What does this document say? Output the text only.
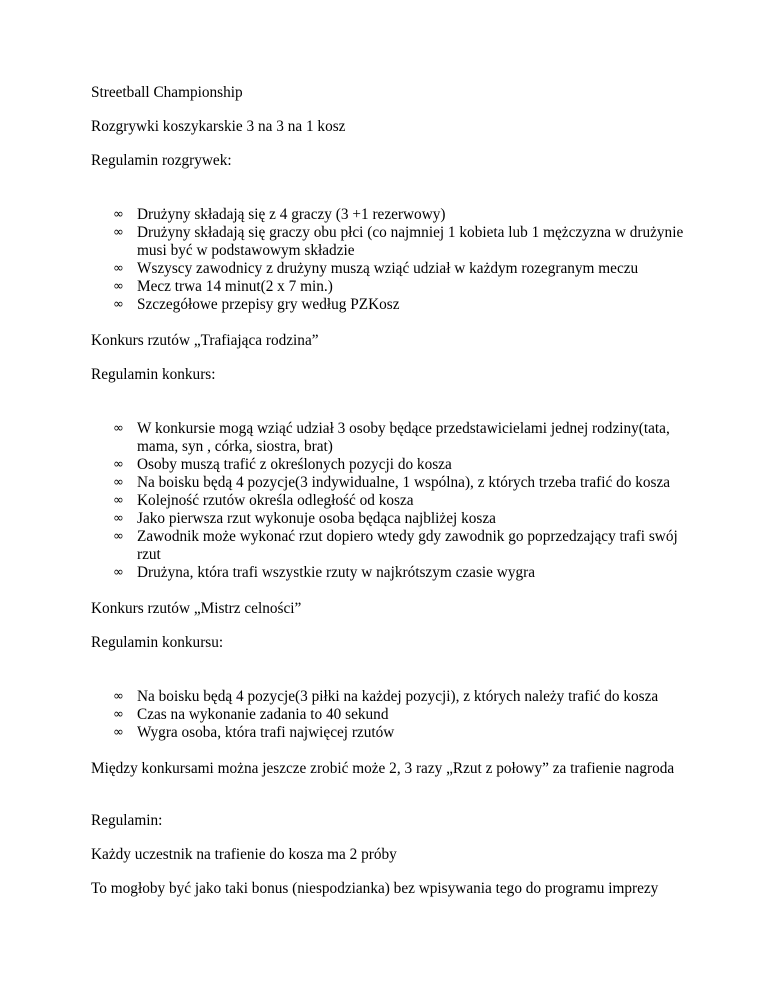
Streetball Championship

Rozgrywki koszykarskie 3 na 3 na 1 kosz

Regulamin rozgrywek:

∞ Drużyny składają się z 4 graczy (3 +1 rezerwowy)
∞ Drużyny składają się graczy obu płci (co najmniej 1 kobieta lub 1 mężczyzna w drużynie musi być w podstawowym składzie
∞ Wszyscy zawodnicy z drużyny muszą wziąć udział w każdym rozegranym meczu
∞ Mecz trwa 14 minut(2 x 7 min.)
∞ Szczegółowe przepisy gry według PZKosz

Konkurs rzutów „Trafiająca rodzina”

Regulamin konkurs:

∞ W konkursie mogą wziąć udział 3 osoby będące przedstawicielami jednej rodziny(tata, mama, syn , córka, siostra, brat)
∞ Osoby muszą trafić z określonych pozycji do kosza
∞ Na boisku będą 4 pozycje(3 indywidualne, 1 wspólna), z których trzeba trafić do kosza
∞ Kolejność rzutów określa odległość od kosza
∞ Jako pierwsza rzut wykonuje osoba będąca najbliżej kosza
∞ Zawodnik może wykonać rzut dopiero wtedy gdy zawodnik go poprzedzający trafi swój rzut
∞ Drużyna, która trafi wszystkie rzuty w najkrótszym czasie wygra

Konkurs rzutów „Mistrz celności”

Regulamin konkursu:

∞ Na boisku będą 4 pozycje(3 piłki na każdej pozycji), z których należy trafić do kosza
∞ Czas na wykonanie zadania to 40 sekund
∞ Wygra osoba, która trafi najwięcej rzutów

Między konkursami można jeszcze zrobić może 2, 3 razy „Rzut z połowy” za trafienie nagroda

Regulamin:

Każdy uczestnik na trafienie do kosza ma 2 próby

To mogłoby być jako taki bonus (niespodzianka) bez wpisywania tego do programu imprezy
